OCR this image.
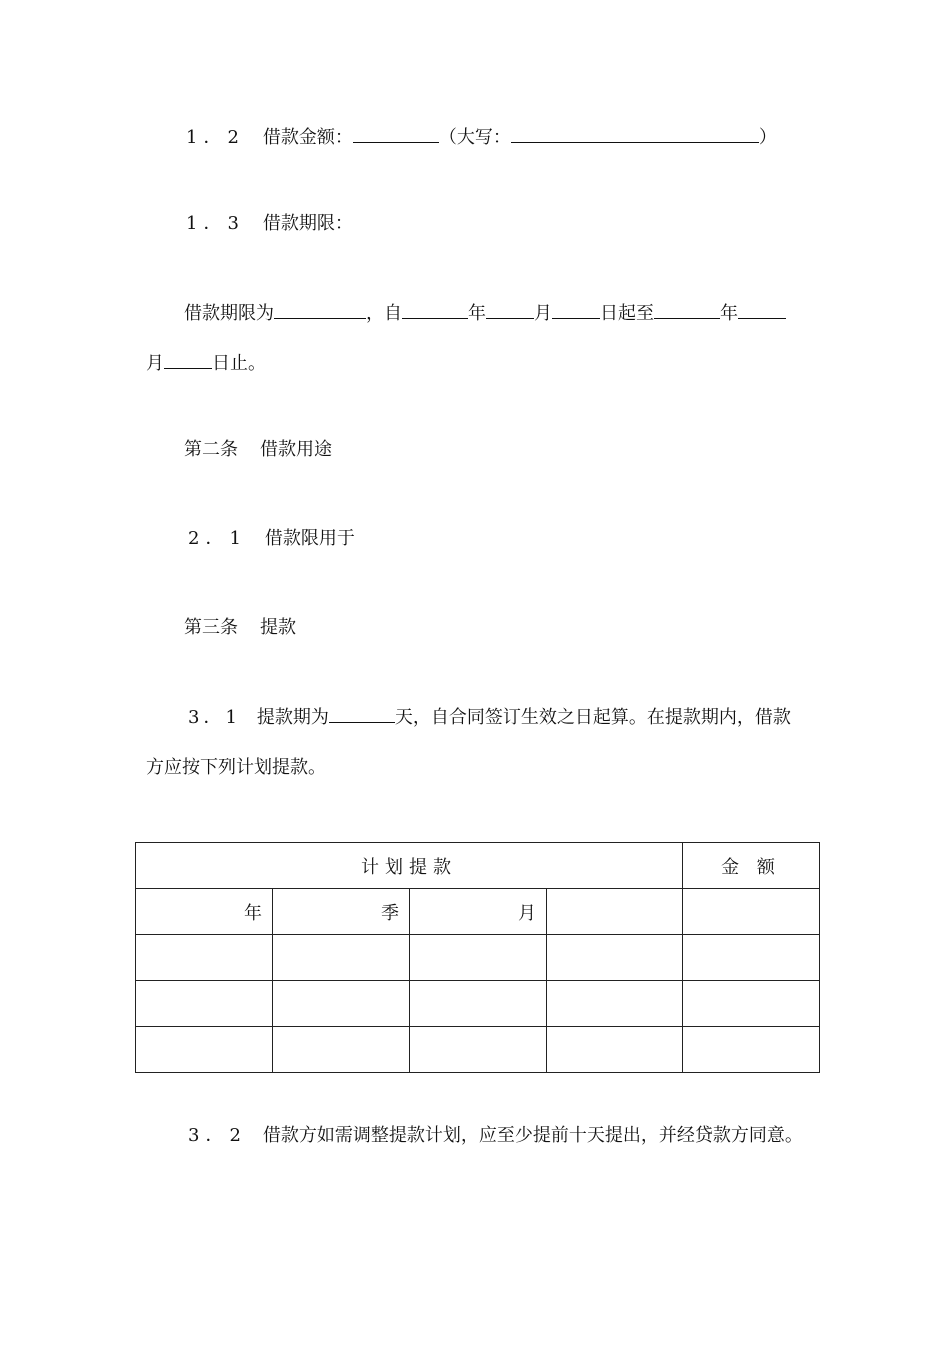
1．2 借款金额：	（大写：	）
1．3 借款期限：
借款期限为	，自	年	月	日起至	年
月	日止。
第二条 借款用途
2．1 借款限用于
第三条 提款
3．1 提款期为	天，自合同签订生效之日起算。在提款期内，借款
方应按下列计划提款。
计划提款				金 额
年	季	月		

3．2 借款方如需调整提款计划，应至少提前十天提出，并经贷款方同意。
